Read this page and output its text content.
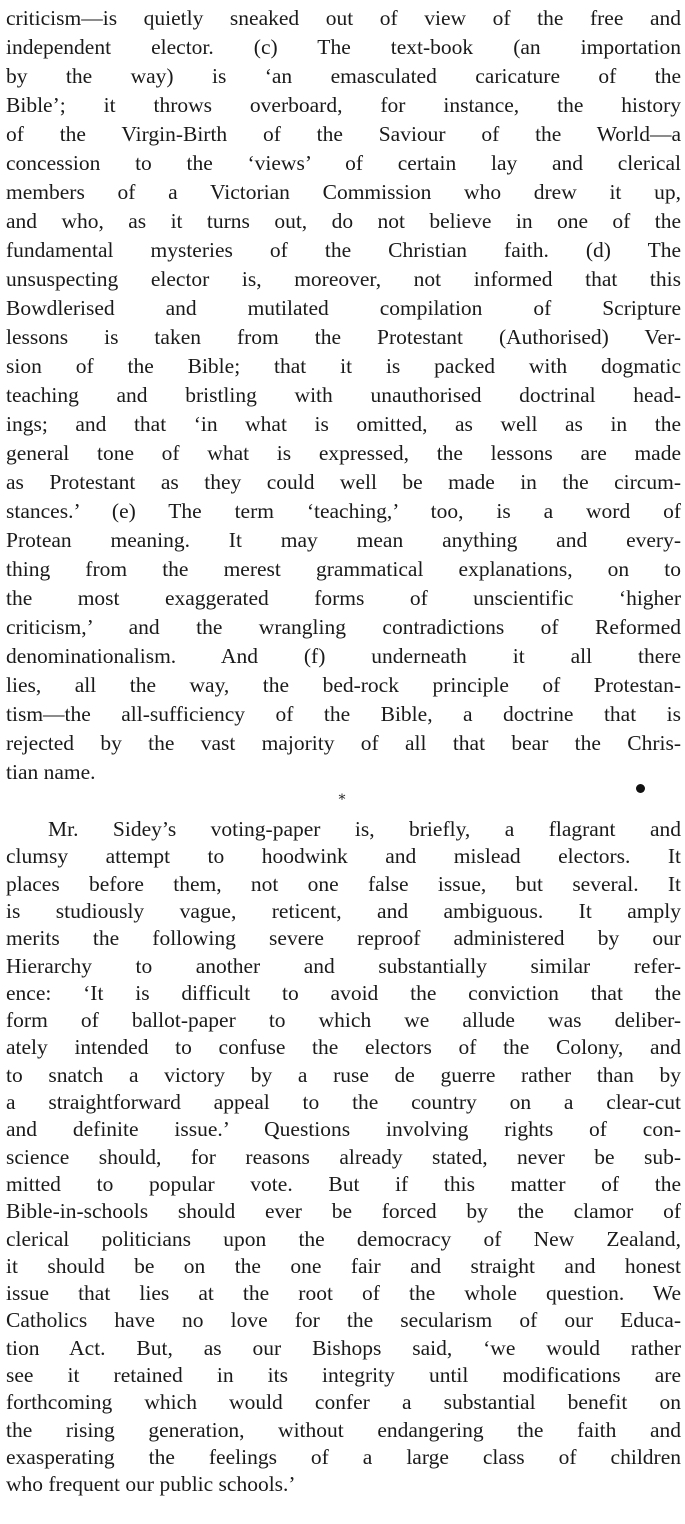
criticism—is quietly sneaked out of view of the free and
independent elector. (c) The text-book (an importation
by the way) is ‘an emasculated caricature of the
Bible’; it throws overboard, for instance, the history
of the Virgin-Birth of the Saviour of the World—a
concession to the ‘views’ of certain lay and clerical
members of a Victorian Commission who drew it up,
and who, as it turns out, do not believe in one of the
fundamental mysteries of the Christian faith. (d) The
unsuspecting elector is, moreover, not informed that this
Bowdlerised and mutilated compilation of Scripture
lessons is taken from the Protestant (Authorised) Ver-
sion of the Bible; that it is packed with dogmatic
teaching and bristling with unauthorised doctrinal head-
ings; and that ‘in what is omitted, as well as in the
general tone of what is expressed, the lessons are made
as Protestant as they could well be made in the circum-
stances.’ (e) The term ‘teaching,’ too, is a word of
Protean meaning. It may mean anything and every-
thing from the merest grammatical explanations, on to
the most exaggerated forms of unscientific ‘higher
criticism,’ and the wrangling contradictions of Reformed
denominationalism. And (f) underneath it all there
lies, all the way, the bed-rock principle of Protestan-
tism—the all-sufficiency of the Bible, a doctrine that is
rejected by the vast majority of all that bear the Chris-
tian name.
*
Mr. Sidey’s voting-paper is, briefly, a flagrant and
clumsy attempt to hoodwink and mislead electors. It
places before them, not one false issue, but several. It
is studiously vague, reticent, and ambiguous. It amply
merits the following severe reproof administered by our
Hierarchy to another and substantially similar refer-
ence: ‘It is difficult to avoid the conviction that the
form of ballot-paper to which we allude was deliber-
ately intended to confuse the electors of the Colony, and
to snatch a victory by a ruse de guerre rather than by
a straightforward appeal to the country on a clear-cut
and definite issue.’ Questions involving rights of con-
science should, for reasons already stated, never be sub-
mitted to popular vote. But if this matter of the
Bible-in-schools should ever be forced by the clamor of
clerical politicians upon the democracy of New Zealand,
it should be on the one fair and straight and honest
issue that lies at the root of the whole question. We
Catholics have no love for the secularism of our Educa-
tion Act. But, as our Bishops said, ‘we would rather
see it retained in its integrity until modifications are
forthcoming which would confer a substantial benefit on
the rising generation, without endangering the faith and
exasperating the feelings of a large class of children
who frequent our public schools.’
